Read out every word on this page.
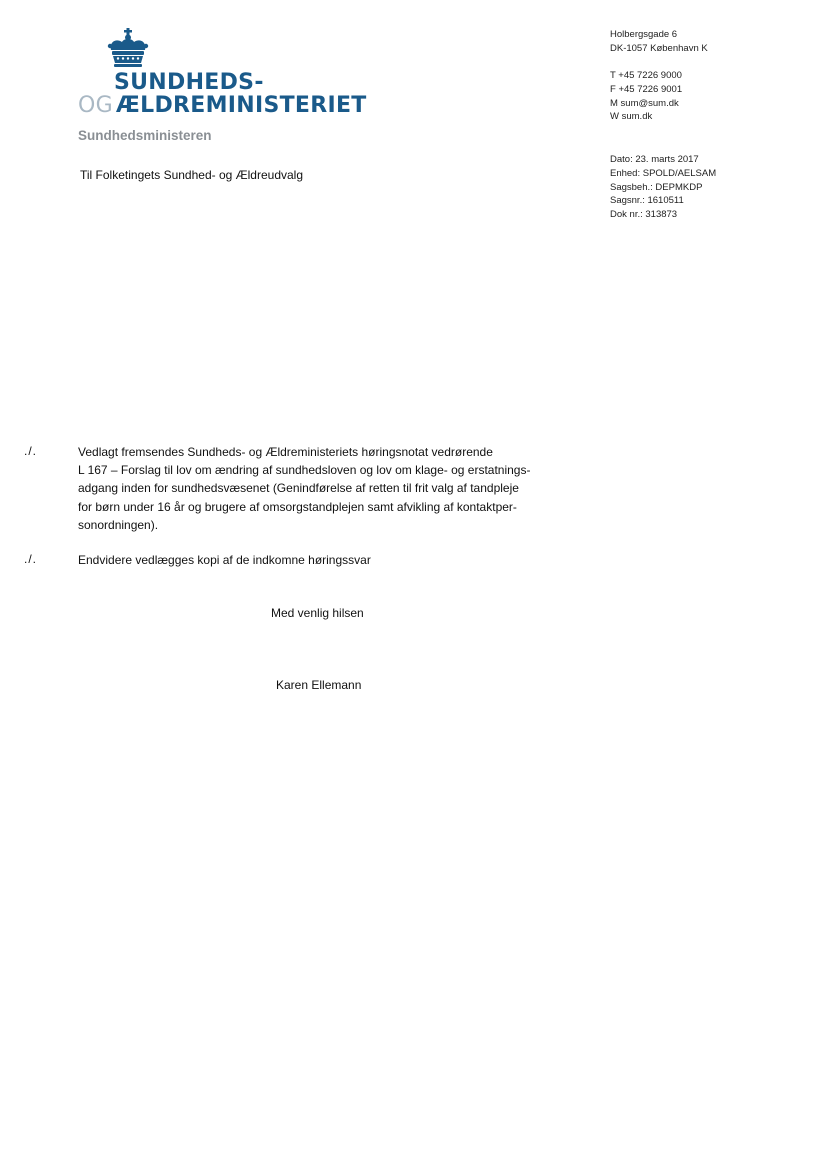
SUNDHEDS-
OG ÆLDREMINISTERIET
Sundhedsministeren
Holbergsgade 6
DK-1057 København K
T +45 7226 9000
F +45 7226 9001
M sum@sum.dk
W sum.dk
Dato: 23. marts 2017
Enhed: SPOLD/AELSAM
Sagsbeh.: DEPMKDP
Sagsnr.: 1610511
Dok nr.: 313873
Til Folketingets Sundhed- og Ældreudvalg
./.	Vedlagt fremsendes Sundheds- og Ældreministeriets høringsnotat vedrørende
L 167 – Forslag til lov om ændring af sundhedsloven og lov om klage- og erstatnings-
adgang inden for sundhedsvæsenet (Genindførelse af retten til frit valg af tandpleje
for børn under 16 år og brugere af omsorgstandplejen samt afvikling af kontaktper-
sonordningen).
./.	Endvidere vedlægges kopi af de indkomne høringssvar
Med venlig hilsen
Karen Ellemann
